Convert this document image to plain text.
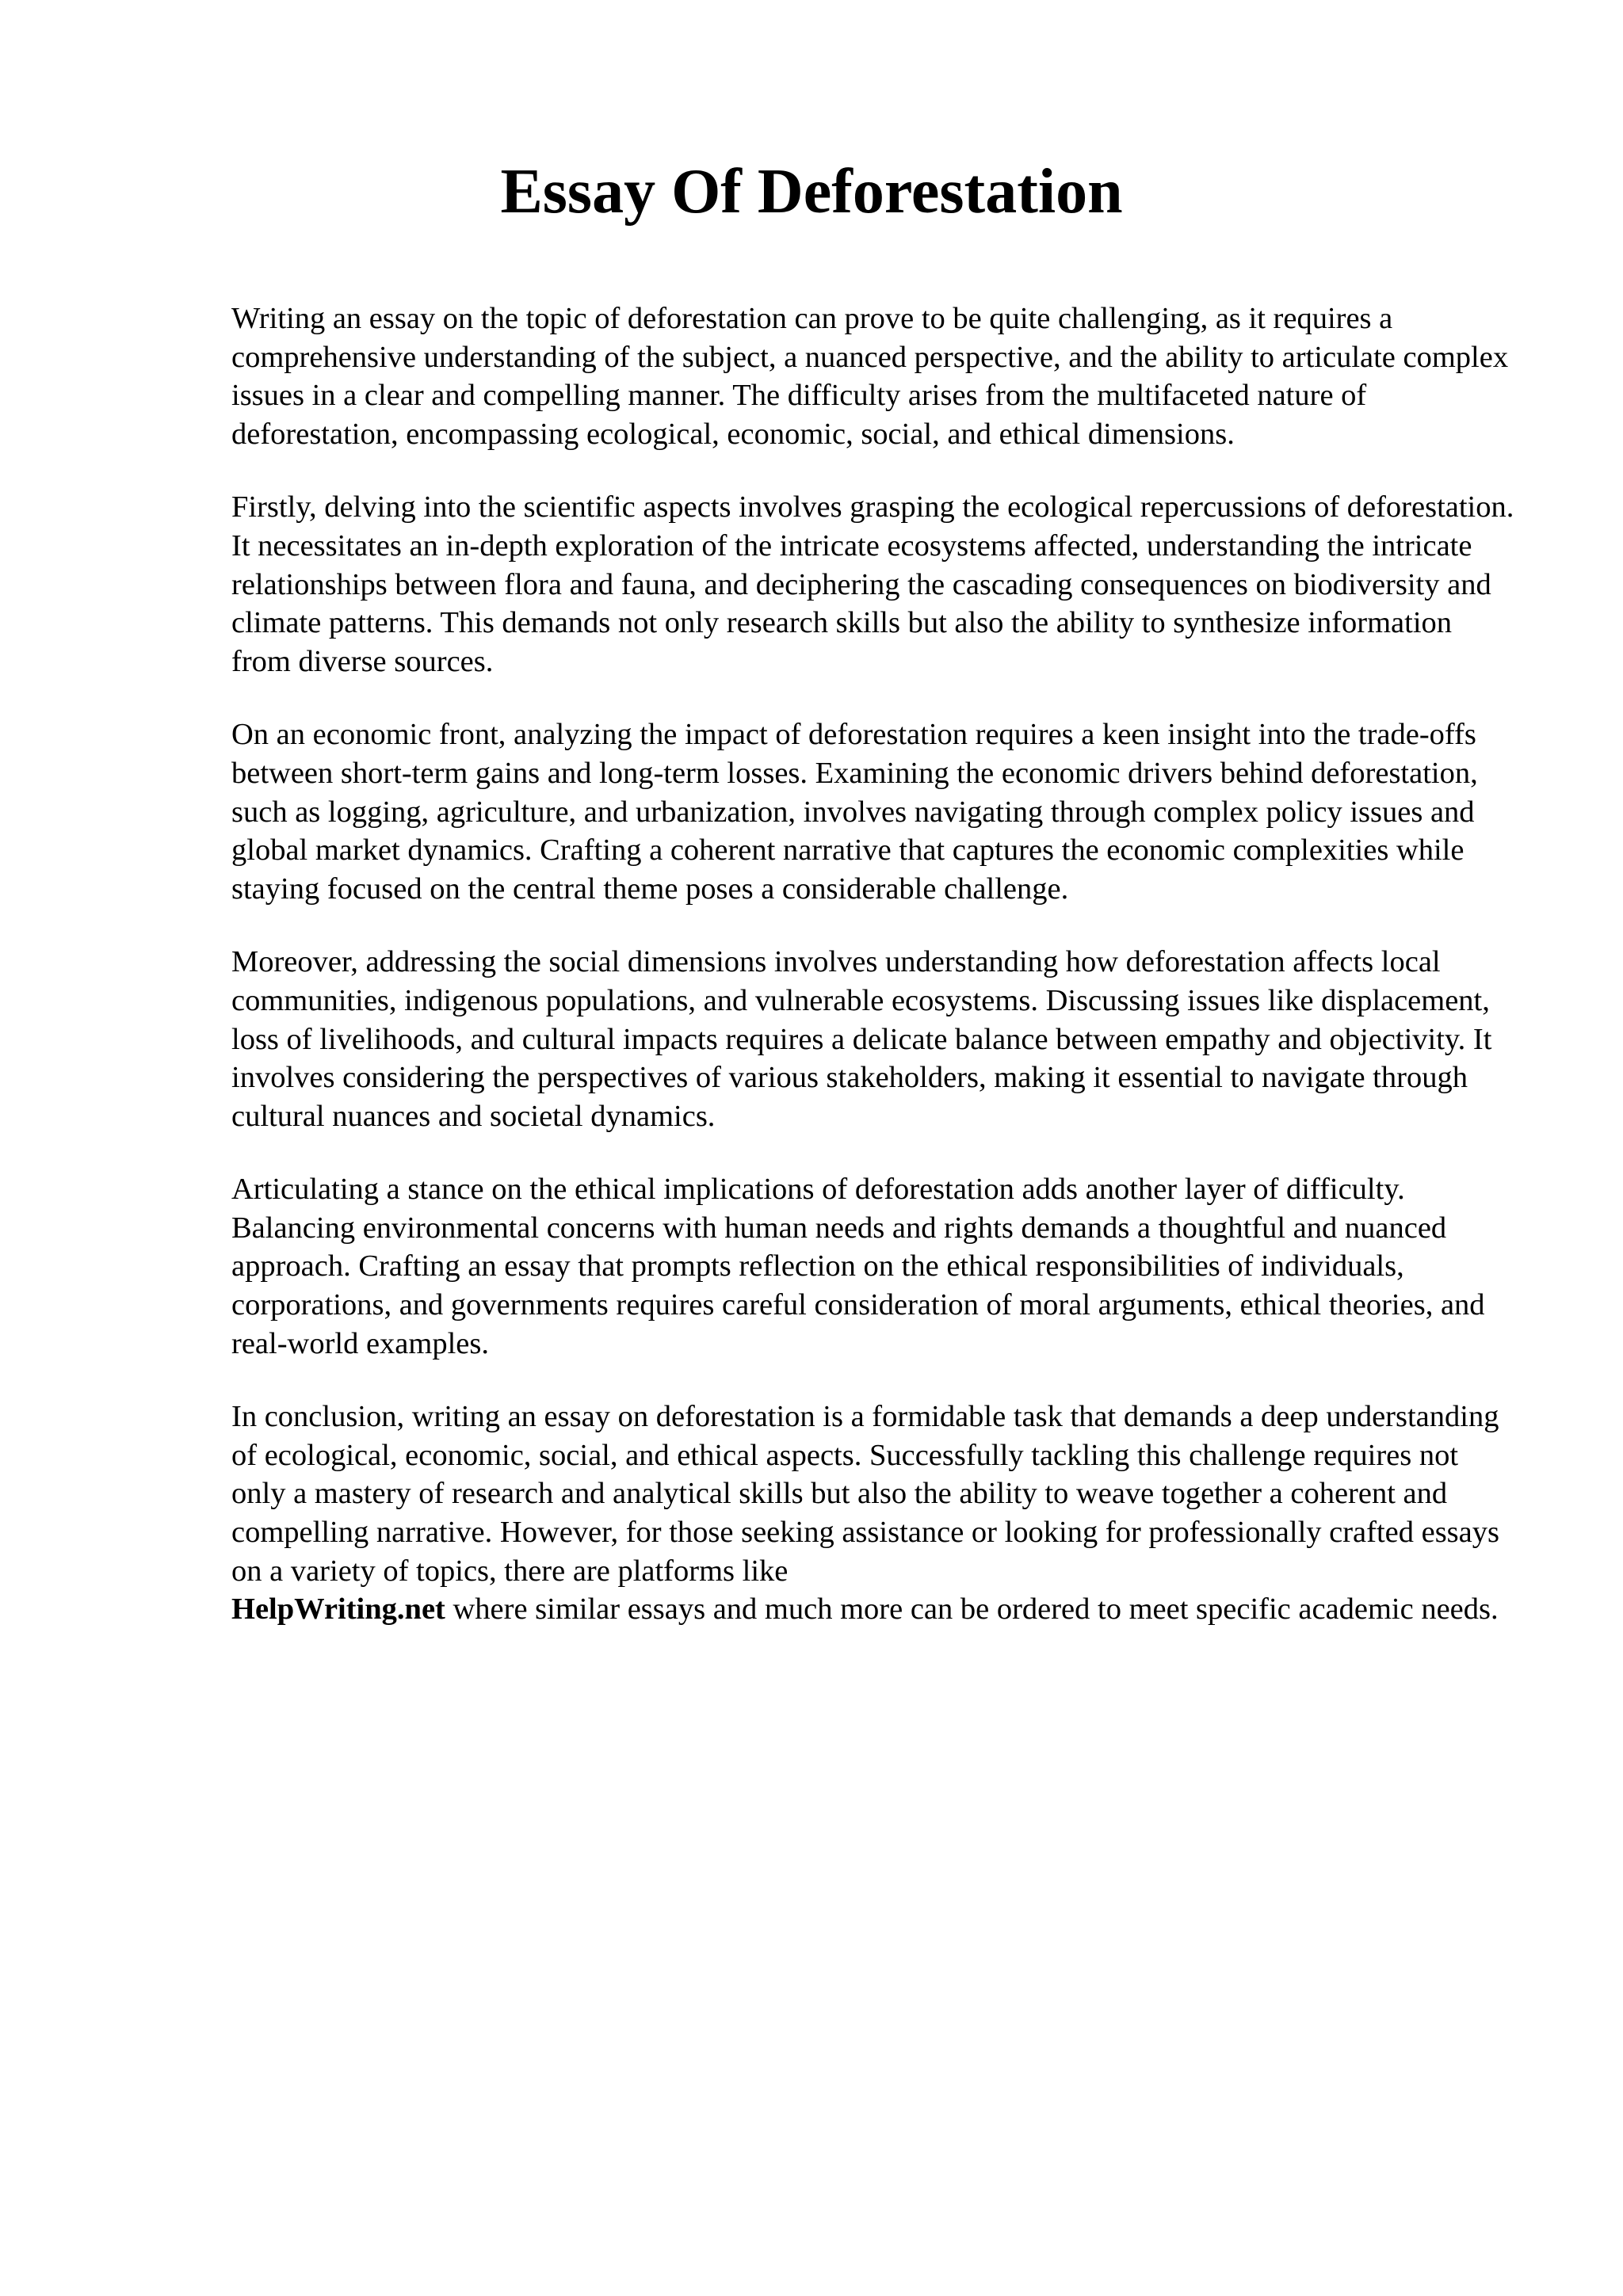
Essay Of Deforestation

Writing an essay on the topic of deforestation can prove to be quite challenging, as it requires a comprehensive understanding of the subject, a nuanced perspective, and the ability to articulate complex issues in a clear and compelling manner. The difficulty arises from the multifaceted nature of deforestation, encompassing ecological, economic, social, and ethical dimensions.

Firstly, delving into the scientific aspects involves grasping the ecological repercussions of deforestation. It necessitates an in-depth exploration of the intricate ecosystems affected, understanding the intricate relationships between flora and fauna, and deciphering the cascading consequences on biodiversity and climate patterns. This demands not only research skills but also the ability to synthesize information from diverse sources.

On an economic front, analyzing the impact of deforestation requires a keen insight into the trade-offs between short-term gains and long-term losses. Examining the economic drivers behind deforestation, such as logging, agriculture, and urbanization, involves navigating through complex policy issues and global market dynamics. Crafting a coherent narrative that captures the economic complexities while staying focused on the central theme poses a considerable challenge.

Moreover, addressing the social dimensions involves understanding how deforestation affects local communities, indigenous populations, and vulnerable ecosystems. Discussing issues like displacement, loss of livelihoods, and cultural impacts requires a delicate balance between empathy and objectivity. It involves considering the perspectives of various stakeholders, making it essential to navigate through cultural nuances and societal dynamics.

Articulating a stance on the ethical implications of deforestation adds another layer of difficulty. Balancing environmental concerns with human needs and rights demands a thoughtful and nuanced approach. Crafting an essay that prompts reflection on the ethical responsibilities of individuals, corporations, and governments requires careful consideration of moral arguments, ethical theories, and real-world examples.

In conclusion, writing an essay on deforestation is a formidable task that demands a deep understanding of ecological, economic, social, and ethical aspects. Successfully tackling this challenge requires not only a mastery of research and analytical skills but also the ability to weave together a coherent and compelling narrative. However, for those seeking assistance or looking for professionally crafted essays on a variety of topics, there are platforms like
HelpWriting.net where similar essays and much more can be ordered to meet specific academic needs.
